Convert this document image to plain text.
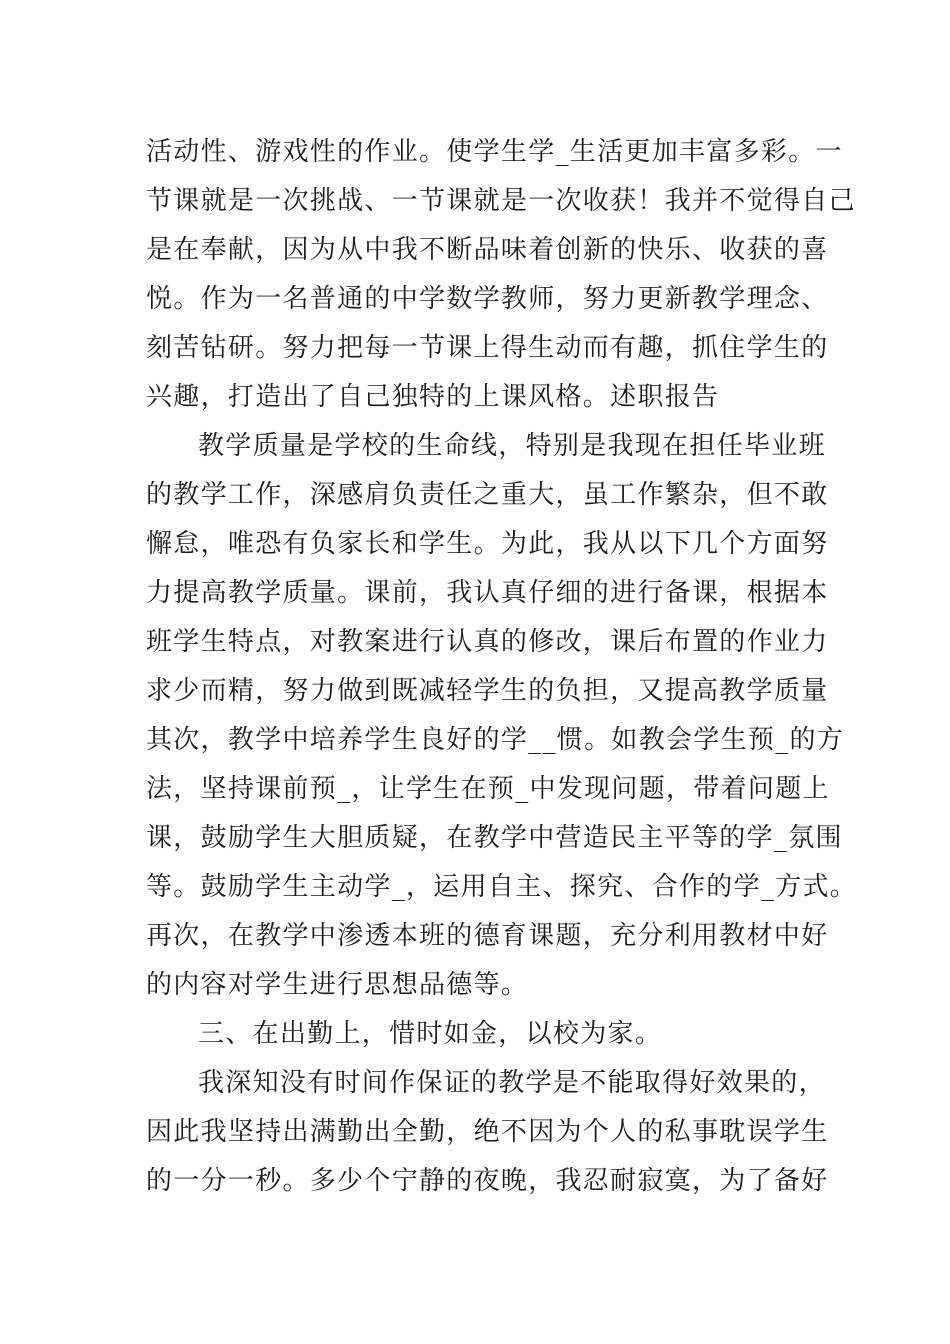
活动性、游戏性的作业。使学生学_生活更加丰富多彩。一
节课就是一次挑战、一节课就是一次收获！我并不觉得自己
是在奉献，因为从中我不断品味着创新的快乐、收获的喜
悦。作为一名普通的中学数学教师，努力更新教学理念、
刻苦钻研。努力把每一节课上得生动而有趣，抓住学生的
兴趣，打造出了自己独特的上课风格。述职报告
教学质量是学校的生命线，特别是我现在担任毕业班
的教学工作，深感肩负责任之重大，虽工作繁杂，但不敢
懈怠，唯恐有负家长和学生。为此，我从以下几个方面努
力提高教学质量。课前，我认真仔细的进行备课，根据本
班学生特点，对教案进行认真的修改，课后布置的作业力
求少而精，努力做到既减轻学生的负担，又提高教学质量
其次，教学中培养学生良好的学__惯。如教会学生预_的方
法，坚持课前预_，让学生在预_中发现问题，带着问题上
课，鼓励学生大胆质疑，在教学中营造民主平等的学_氛围
等。鼓励学生主动学_，运用自主、探究、合作的学_方式。
再次，在教学中渗透本班的德育课题，充分利用教材中好
的内容对学生进行思想品德等。
三、在出勤上，惜时如金，以校为家。
我深知没有时间作保证的教学是不能取得好效果的，
因此我坚持出满勤出全勤，绝不因为个人的私事耽误学生
的一分一秒。多少个宁静的夜晚，我忍耐寂寞，为了备好
